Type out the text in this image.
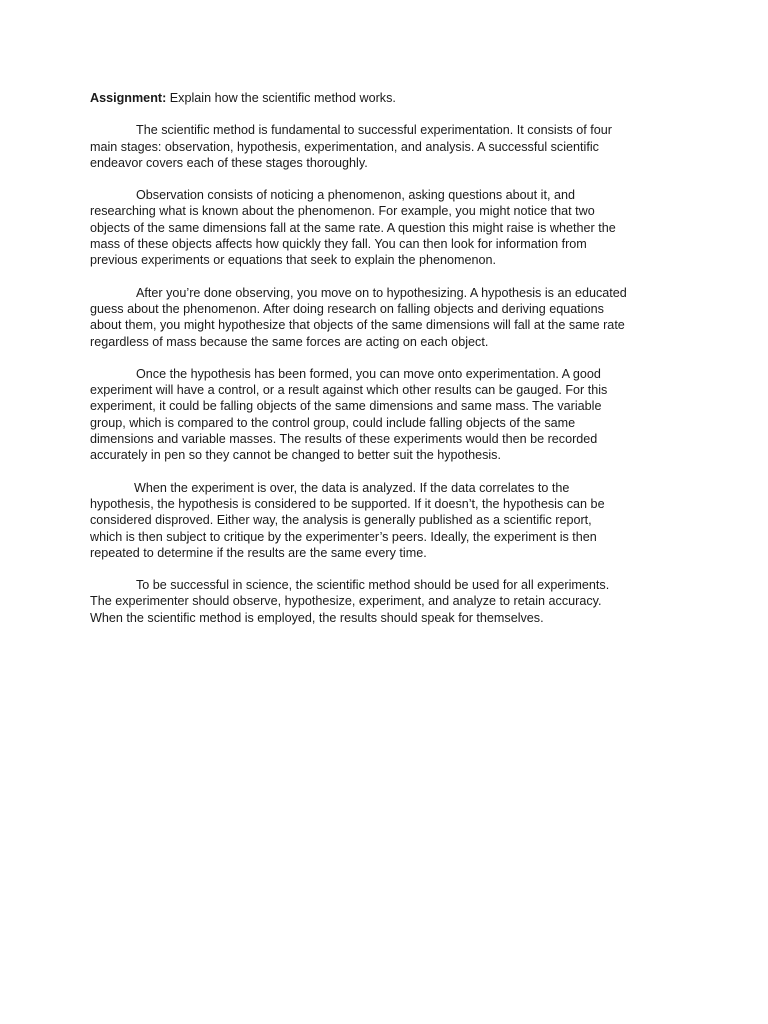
Assignment: Explain how the scientific method works.

The scientific method is fundamental to successful experimentation. It consists of four
main stages: observation, hypothesis, experimentation, and analysis. A successful scientific
endeavor covers each of these stages thoroughly.

Observation consists of noticing a phenomenon, asking questions about it, and
researching what is known about the phenomenon. For example, you might notice that two
objects of the same dimensions fall at the same rate. A question this might raise is whether the
mass of these objects affects how quickly they fall. You can then look for information from
previous experiments or equations that seek to explain the phenomenon.

After you’re done observing, you move on to hypothesizing. A hypothesis is an educated
guess about the phenomenon. After doing research on falling objects and deriving equations
about them, you might hypothesize that objects of the same dimensions will fall at the same rate
regardless of mass because the same forces are acting on each object.

Once the hypothesis has been formed, you can move onto experimentation. A good
experiment will have a control, or a result against which other results can be gauged. For this
experiment, it could be falling objects of the same dimensions and same mass. The variable
group, which is compared to the control group, could include falling objects of the same
dimensions and variable masses. The results of these experiments would then be recorded
accurately in pen so they cannot be changed to better suit the hypothesis.

When the experiment is over, the data is analyzed. If the data correlates to the
hypothesis, the hypothesis is considered to be supported. If it doesn’t, the hypothesis can be
considered disproved. Either way, the analysis is generally published as a scientific report,
which is then subject to critique by the experimenter’s peers. Ideally, the experiment is then
repeated to determine if the results are the same every time.

To be successful in science, the scientific method should be used for all experiments.
The experimenter should observe, hypothesize, experiment, and analyze to retain accuracy.
When the scientific method is employed, the results should speak for themselves.
